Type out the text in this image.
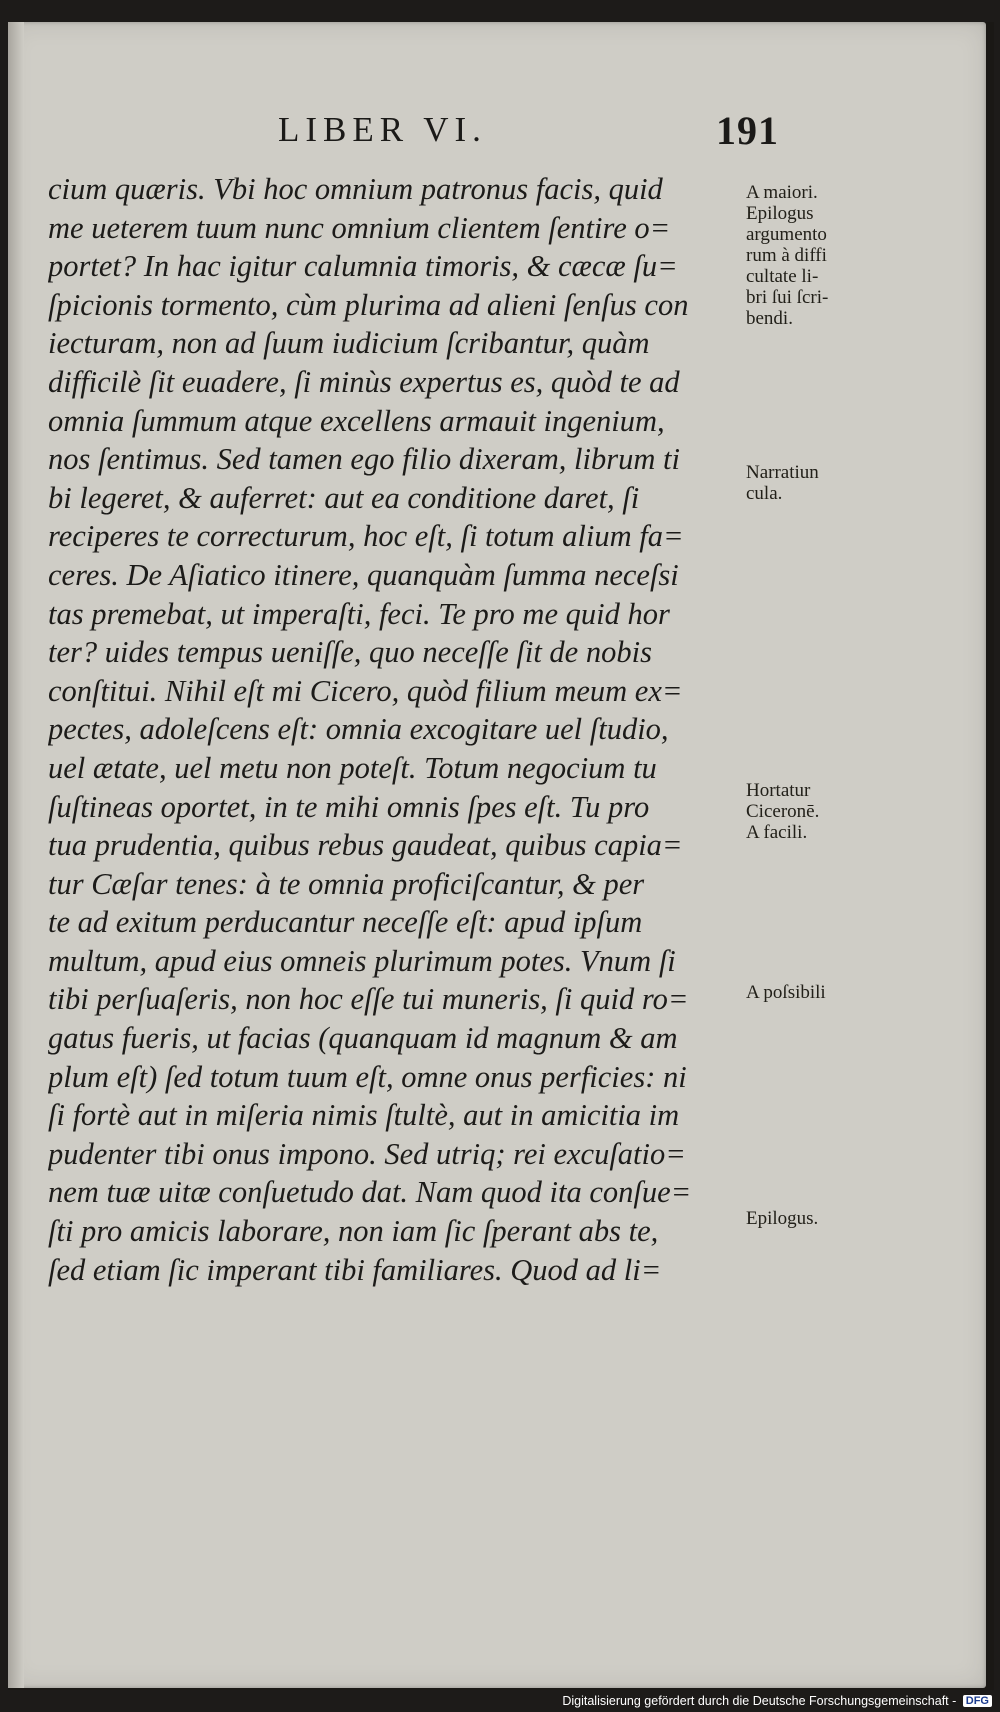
LIBER VI.	191
cium quæris. Vbi hoc omnium patronus facis, quid
me ueterem tuum nunc omnium clientem ſentire o=
portet? In hac igitur calumnia timoris, & cæcæ ſu=
ſpicionis tormento, cùm plurima ad alieni ſenſus con
iecturam, non ad ſuum iudicium ſcribantur, quàm
difficilè ſit euadere, ſi minùs expertus es, quòd te ad
omnia ſummum atque excellens armauit ingenium,
nos ſentimus. Sed tamen ego filio dixeram, librum ti
bi legeret, & auferret: aut ea conditione daret, ſi
reciperes te correcturum, hoc eſt, ſi totum alium fa=
ceres. De Aſiatico itinere, quanquàm ſumma neceſsi
tas premebat, ut imperaſti, feci. Te pro me quid hor
ter? uides tempus ueniſſe, quo neceſſe ſit de nobis
conſtitui. Nihil eſt mi Cicero, quòd filium meum ex=
pectes, adoleſcens eſt: omnia excogitare uel ſtudio,
uel ætate, uel metu non poteſt. Totum negocium tu
ſuſtineas oportet, in te mihi omnis ſpes eſt. Tu pro
tua prudentia, quibus rebus gaudeat, quibus capia=
tur Cæſar tenes: à te omnia proficiſcantur, & per
te ad exitum perducantur neceſſe eſt: apud ipſum
multum, apud eius omneis plurimum potes. Vnum ſi
tibi perſuaſeris, non hoc eſſe tui muneris, ſi quid ro=
gatus fueris, ut facias (quanquam id magnum & am
plum eſt) ſed totum tuum eſt, omne onus perficies: ni
ſi fortè aut in miſeria nimis ſtultè, aut in amicitia im
pudenter tibi onus impono. Sed utriq; rei excuſatio=
nem tuæ uitæ conſuetudo dat. Nam quod ita conſue=
ſti pro amicis laborare, non iam ſic ſperant abs te,
ſed etiam ſic imperant tibi familiares. Quod ad li=
A maiori.
Epilogus
argumento
rum à diffi
cultate li-
bri ſui ſcri-
bendi.
Narratiun
cula.
Hortatur
Ciceronē.
A facili.
A poſsibili
Epilogus.
Digitalisierung gefördert durch die Deutsche Forschungsgemeinschaft - DFG
